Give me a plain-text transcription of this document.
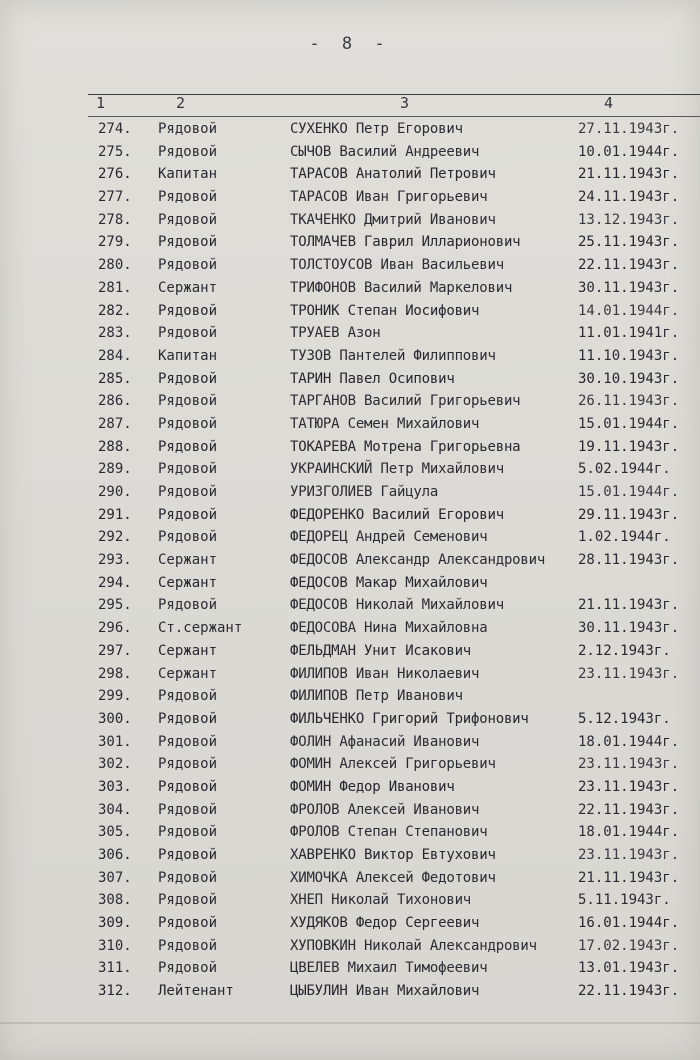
- 8 -
1	2	3	4
274.	Рядовой	СУХЕНКО Петр Егорович	27.11.1943г.
275.	Рядовой	СЫЧОВ Василий Андреевич	10.01.1944г.
276.	Капитан	ТАРАСОВ Анатолий Петрович	21.11.1943г.
277.	Рядовой	ТАРАСОВ Иван Григорьевич	24.11.1943г.
278.	Рядовой	ТКАЧЕНКО Дмитрий Иванович	13.12.1943г.
279.	Рядовой	ТОЛМАЧЕВ Гаврил Илларионович	25.11.1943г.
280.	Рядовой	ТОЛСТОУСОВ Иван Васильевич	22.11.1943г.
281.	Сержант	ТРИФОНОВ Василий Маркелович	30.11.1943г.
282.	Рядовой	ТРОНИК Степан Иосифович	14.01.1944г.
283.	Рядовой	ТРУАЕВ Азон	11.01.1941г.
284.	Капитан	ТУЗОВ Пантелей Филиппович	11.10.1943г.
285.	Рядовой	ТАРИН Павел Осипович	30.10.1943г.
286.	Рядовой	ТАРГАНОВ Василий Григорьевич	26.11.1943г.
287.	Рядовой	ТАТЮРА Семен Михайлович	15.01.1944г.
288.	Рядовой	ТОКАРЕВА Мотрена Григорьевна	19.11.1943г.
289.	Рядовой	УКРАИНСКИЙ Петр Михайлович	5.02.1944г.
290.	Рядовой	УРИЗГОЛИЕВ Гайцула	15.01.1944г.
291.	Рядовой	ФЕДОРЕНКО Василий Егорович	29.11.1943г.
292.	Рядовой	ФЕДОРЕЦ Андрей Семенович	1.02.1944г.
293.	Сержант	ФЕДОСОВ Александр Александрович	28.11.1943г.
294.	Сержант	ФЕДОСОВ Макар Михайлович
295.	Рядовой	ФЕДОСОВ Николай Михайлович	21.11.1943г.
296.	Ст.сержант	ФЕДОСОВА Нина Михайловна	30.11.1943г.
297.	Сержант	ФЕЛЬДМАН Унит Исакович	2.12.1943г.
298.	Сержант	ФИЛИПОВ Иван Николаевич	23.11.1943г.
299.	Рядовой	ФИЛИПОВ Петр Иванович
300.	Рядовой	ФИЛЬЧЕНКО Григорий Трифонович	5.12.1943г.
301.	Рядовой	ФОЛИН Афанасий Иванович	18.01.1944г.
302.	Рядовой	ФОМИН Алексей Григорьевич	23.11.1943г.
303.	Рядовой	ФОМИН Федор Иванович	23.11.1943г.
304.	Рядовой	ФРОЛОВ Алексей Иванович	22.11.1943г.
305.	Рядовой	ФРОЛОВ Степан Степанович	18.01.1944г.
306.	Рядовой	ХАВРЕНКО Виктор Евтухович	23.11.1943г.
307.	Рядовой	ХИМОЧКА Алексей Федотович	21.11.1943г.
308.	Рядовой	ХНЕП Николай Тихонович	5.11.1943г.
309.	Рядовой	ХУДЯКОВ Федор Сергеевич	16.01.1944г.
310.	Рядовой	ХУПОВКИН Николай Александрович	17.02.1943г.
311.	Рядовой	ЦВЕЛЕВ Михаил Тимофеевич	13.01.1943г.
312.	Лейтенант	ЦЫБУЛИН Иван Михайлович	22.11.1943г.
